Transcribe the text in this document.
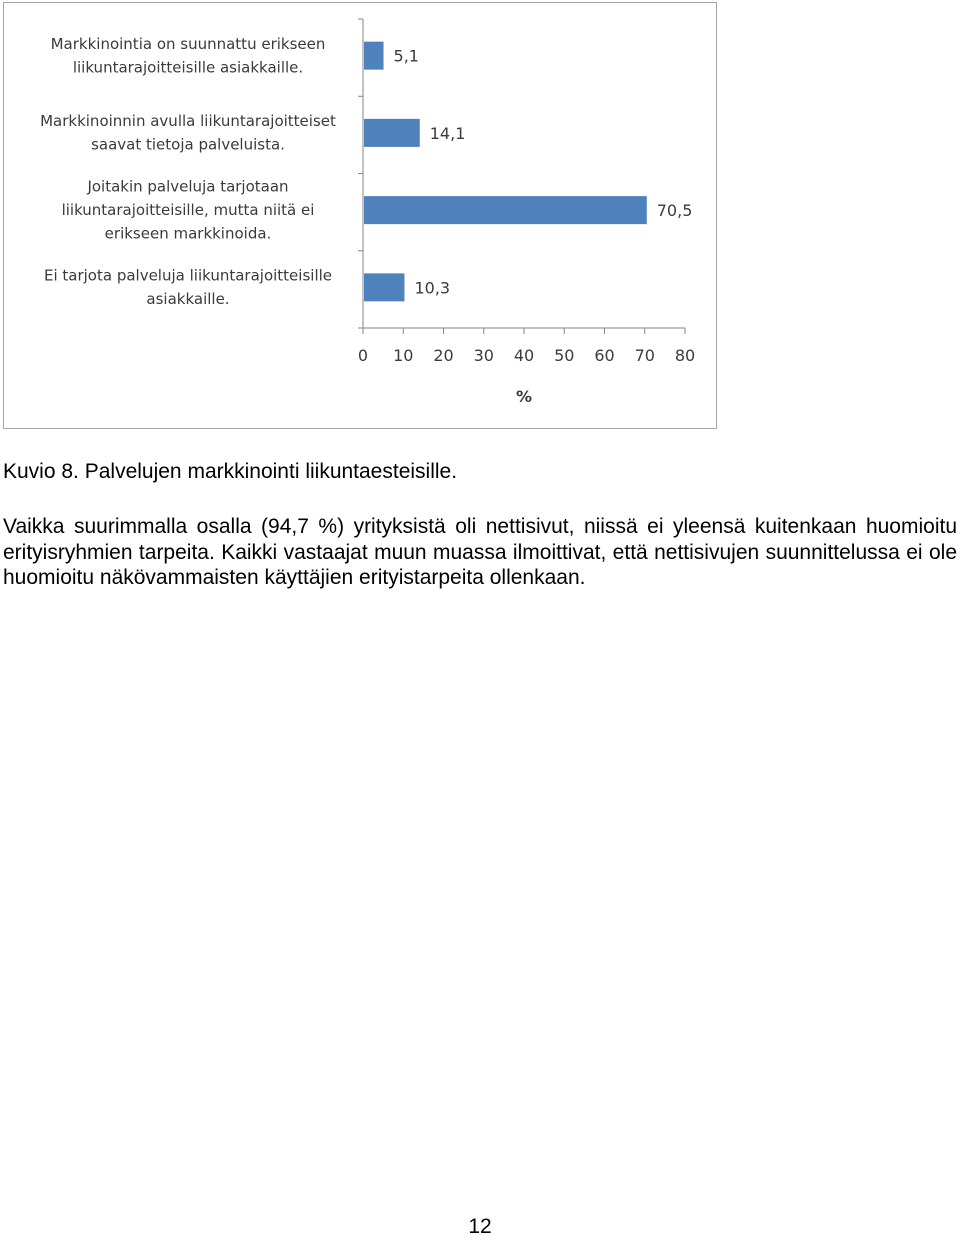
0 10 20 30 40 50 60 70 80
%
5,1
Markkinointia on suunnattu erikseen
liikuntarajoitteisille asiakkaille.
14,1
Markkinoinnin avulla liikuntarajoitteiset
saavat tietoja palveluista.
70,5
Joitakin palveluja tarjotaan
liikuntarajoitteisille, mutta niitä ei
erikseen markkinoida.
10,3
Ei tarjota palveluja liikuntarajoitteisille
asiakkaille.
Kuvio 8. Palvelujen markkinointi liikuntaesteisille.

Vaikka suurimmalla osalla (94,7 %) yrityksistä oli nettisivut, niissä ei yleensä kuitenkaan huomioitu erityisryhmien tarpeita. Kaikki vastaajat muun muassa ilmoittivat, että nettisivujen suunnittelussa ei ole huomioitu näkövammaisten käyttäjien erityistarpeita ollenkaan.

12
